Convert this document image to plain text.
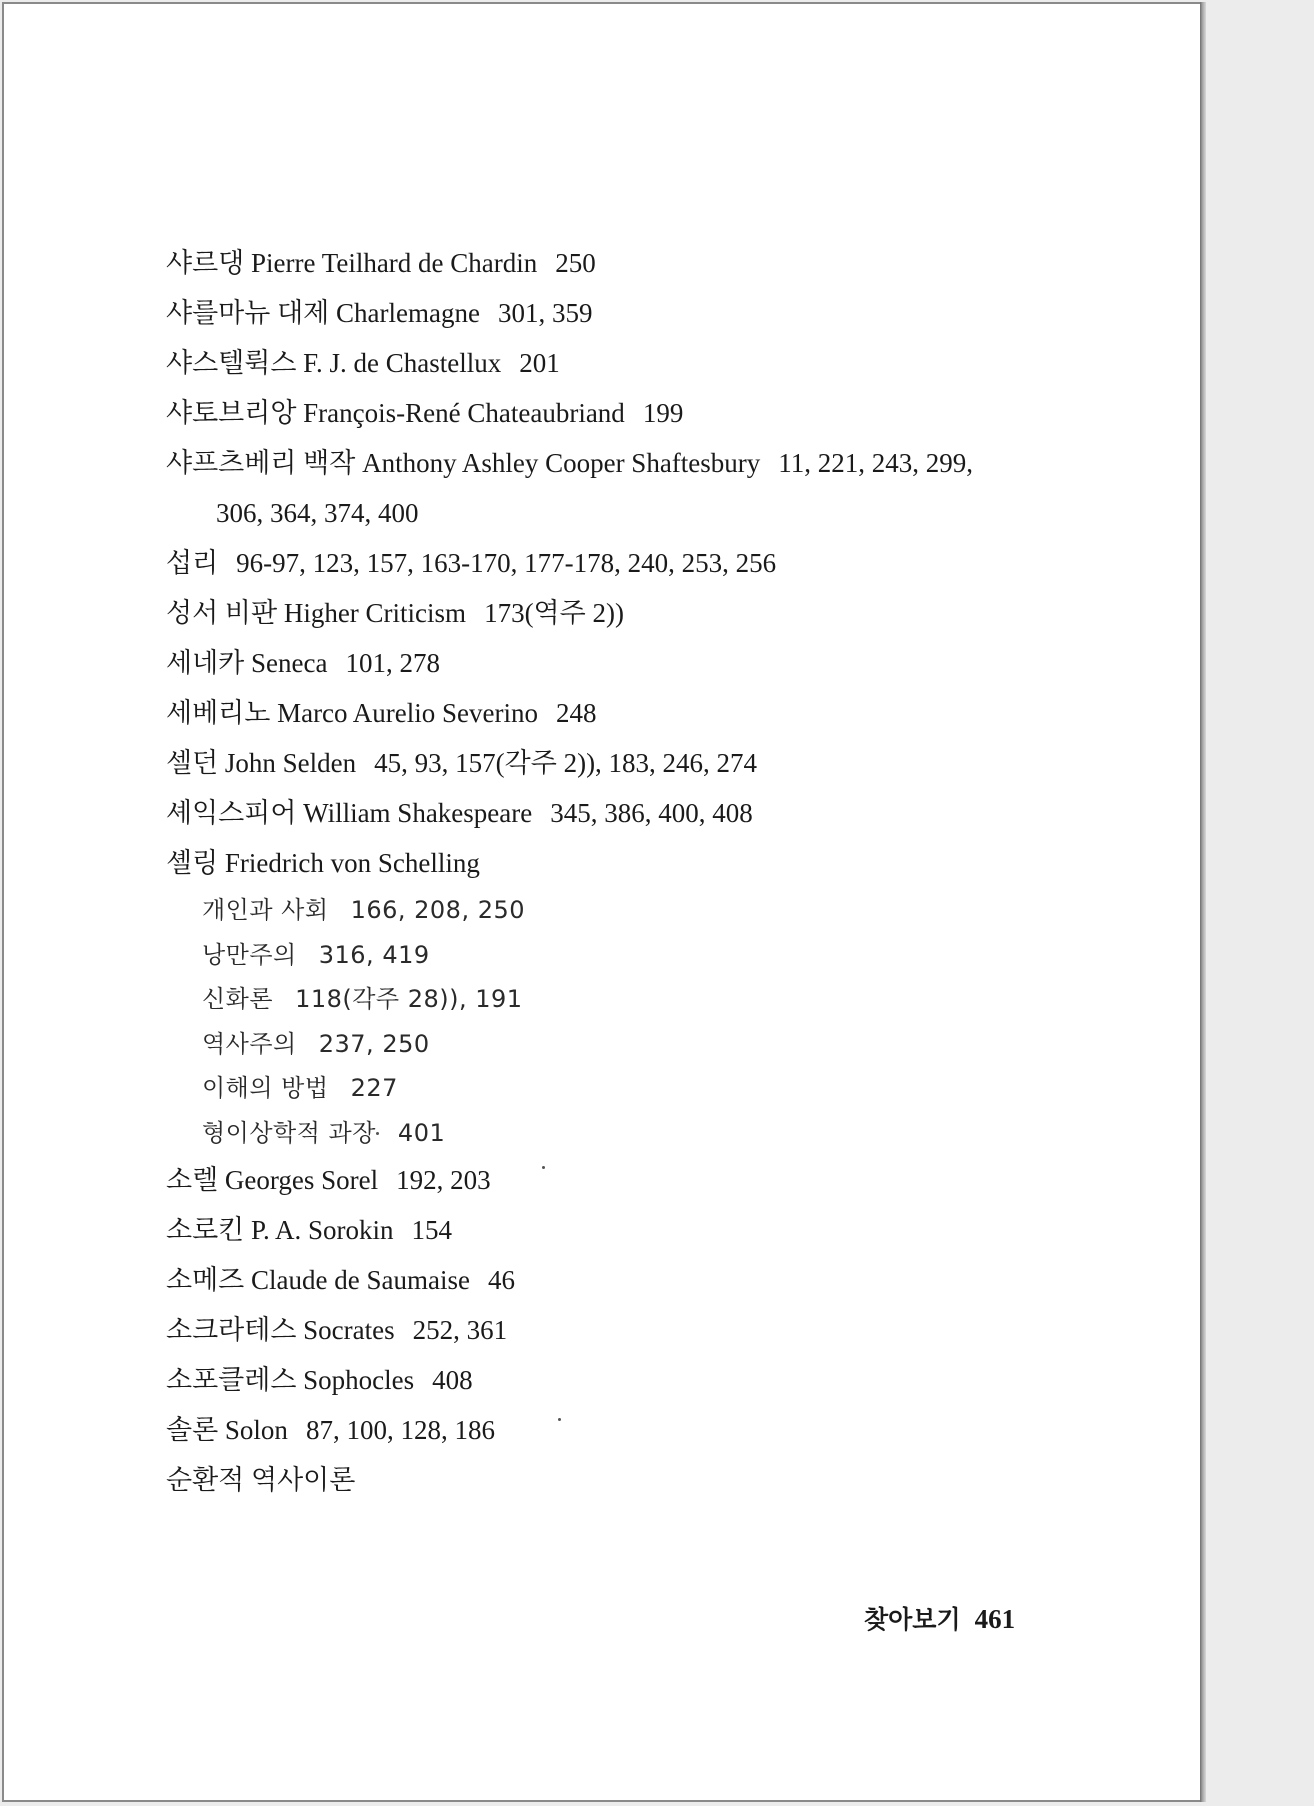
샤르댕 Pierre Teilhard de Chardin 250
샤를마뉴 대제 Charlemagne 301, 359
샤스텔뤽스 F. J. de Chastellux 201
샤토브리앙 François-René Chateaubriand 199
샤프츠베리 백작 Anthony Ashley Cooper Shaftesbury 11, 221, 243, 299,
306, 364, 374, 400
섭리 96-97, 123, 157, 163-170, 177-178, 240, 253, 256
성서 비판 Higher Criticism 173(역주 2))
세네카 Seneca 101, 278
세베리노 Marco Aurelio Severino 248
셀던 John Selden 45, 93, 157(각주 2)), 183, 246, 274
셰익스피어 William Shakespeare 345, 386, 400, 408
셸링 Friedrich von Schelling
개인과 사회 166, 208, 250
낭만주의 316, 419
신화론 118(각주 28)), 191
역사주의 237, 250
이해의 방법 227
형이상학적 과장 401
소렐 Georges Sorel 192, 203
소로킨 P. A. Sorokin 154
소메즈 Claude de Saumaise 46
소크라테스 Socrates 252, 361
소포클레스 Sophocles 408
솔론 Solon 87, 100, 128, 186
순환적 역사이론
찾아보기 461
